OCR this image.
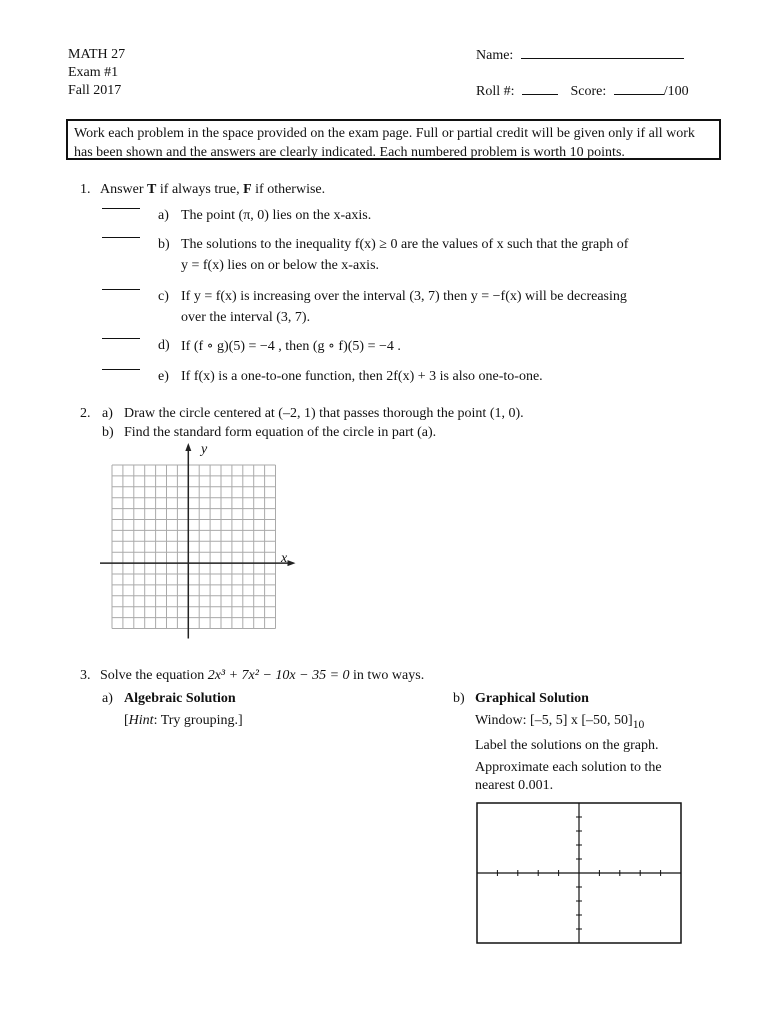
MATH 27
Exam #1
Fall 2017
Name:
Roll #:	Score:	/100
Work each problem in the space provided on the exam page. Full or partial credit will be given only if all work has been shown and the answers are clearly indicated. Each numbered problem is worth 10 points.
1. Answer T if always true, F if otherwise.
a) The point (π, 0) lies on the x-axis.
b) The solutions to the inequality f(x) ≥ 0 are the values of x such that the graph of
y = f(x) lies on or below the x-axis.
c) If y = f(x) is increasing over the interval (3, 7) then y = −f(x) will be decreasing
over the interval (3, 7).
d) If (f ∘ g)(5) = −4 , then (g ∘ f)(5) = −4 .
e) If f(x) is a one-to-one function, then 2f(x) + 3 is also one-to-one.
2. a) Draw the circle centered at (–2, 1) that passes thorough the point (1, 0).
b) Find the standard form equation of the circle in part (a).
y
x
3. Solve the equation 2x³ + 7x² − 10x − 35 = 0 in two ways.
a) Algebraic Solution
[Hint: Try grouping.]
b) Graphical Solution
Window: [–5, 5] x [–50, $50]_{10}$
Label the solutions on the graph.
Approximate each solution to the
nearest 0.001.
